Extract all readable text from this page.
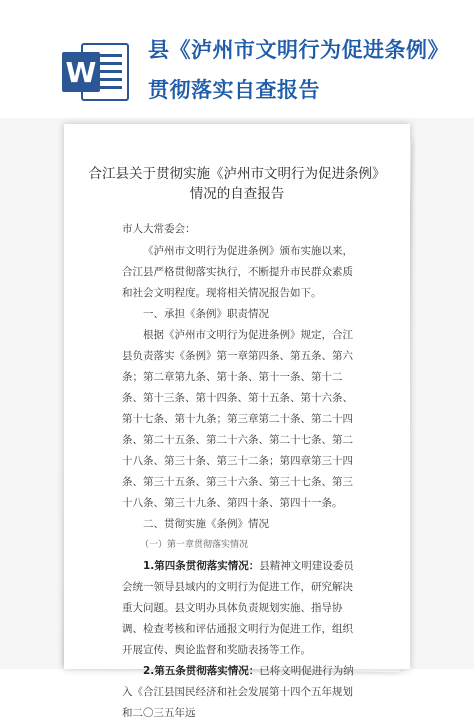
W
县《泸州市文明行为促进条例》贯彻落实自查报告
合江县关于贯彻实施《泸州市文明行为促进条例》
情况的自查报告

市人大常委会：

《泸州市文明行为促进条例》颁布实施以来，合江县严格贯彻落实执行，不断提升市民群众素质和社会文明程度。现将相关情况报告如下。

一、承担《条例》职责情况

根据《泸州市文明行为促进条例》规定，合江县负责落实《条例》第一章第四条、第五条、第六条；第二章第九条、第十条、第十一条、第十二条、第十三条、第十四条、第十五条、第十六条、第十七条、第十九条；第三章第二十条、第二十四条、第二十五条、第二十六条、第二十七条、第二十八条、第三十条、第三十二条；第四章第三十四条、第三十五条、第三十六条、第三十七条、第三十八条、第三十九条、第四十条、第四十一条。

二、贯彻实施《条例》情况

（一）第一章贯彻落实情况

1.第四条贯彻落实情况：县精神文明建设委员会统一领导县域内的文明行为促进工作，研究解决重大问题。县文明办具体负责规划实施、指导协调、检查考核和评估通报文明行为促进工作，组织开展宣传、舆论监督和奖励表扬等工作。

2.第五条贯彻落实情况：已将文明促进行为纳入《合江县国民经济和社会发展第十四个五年规划和二〇三五年远
